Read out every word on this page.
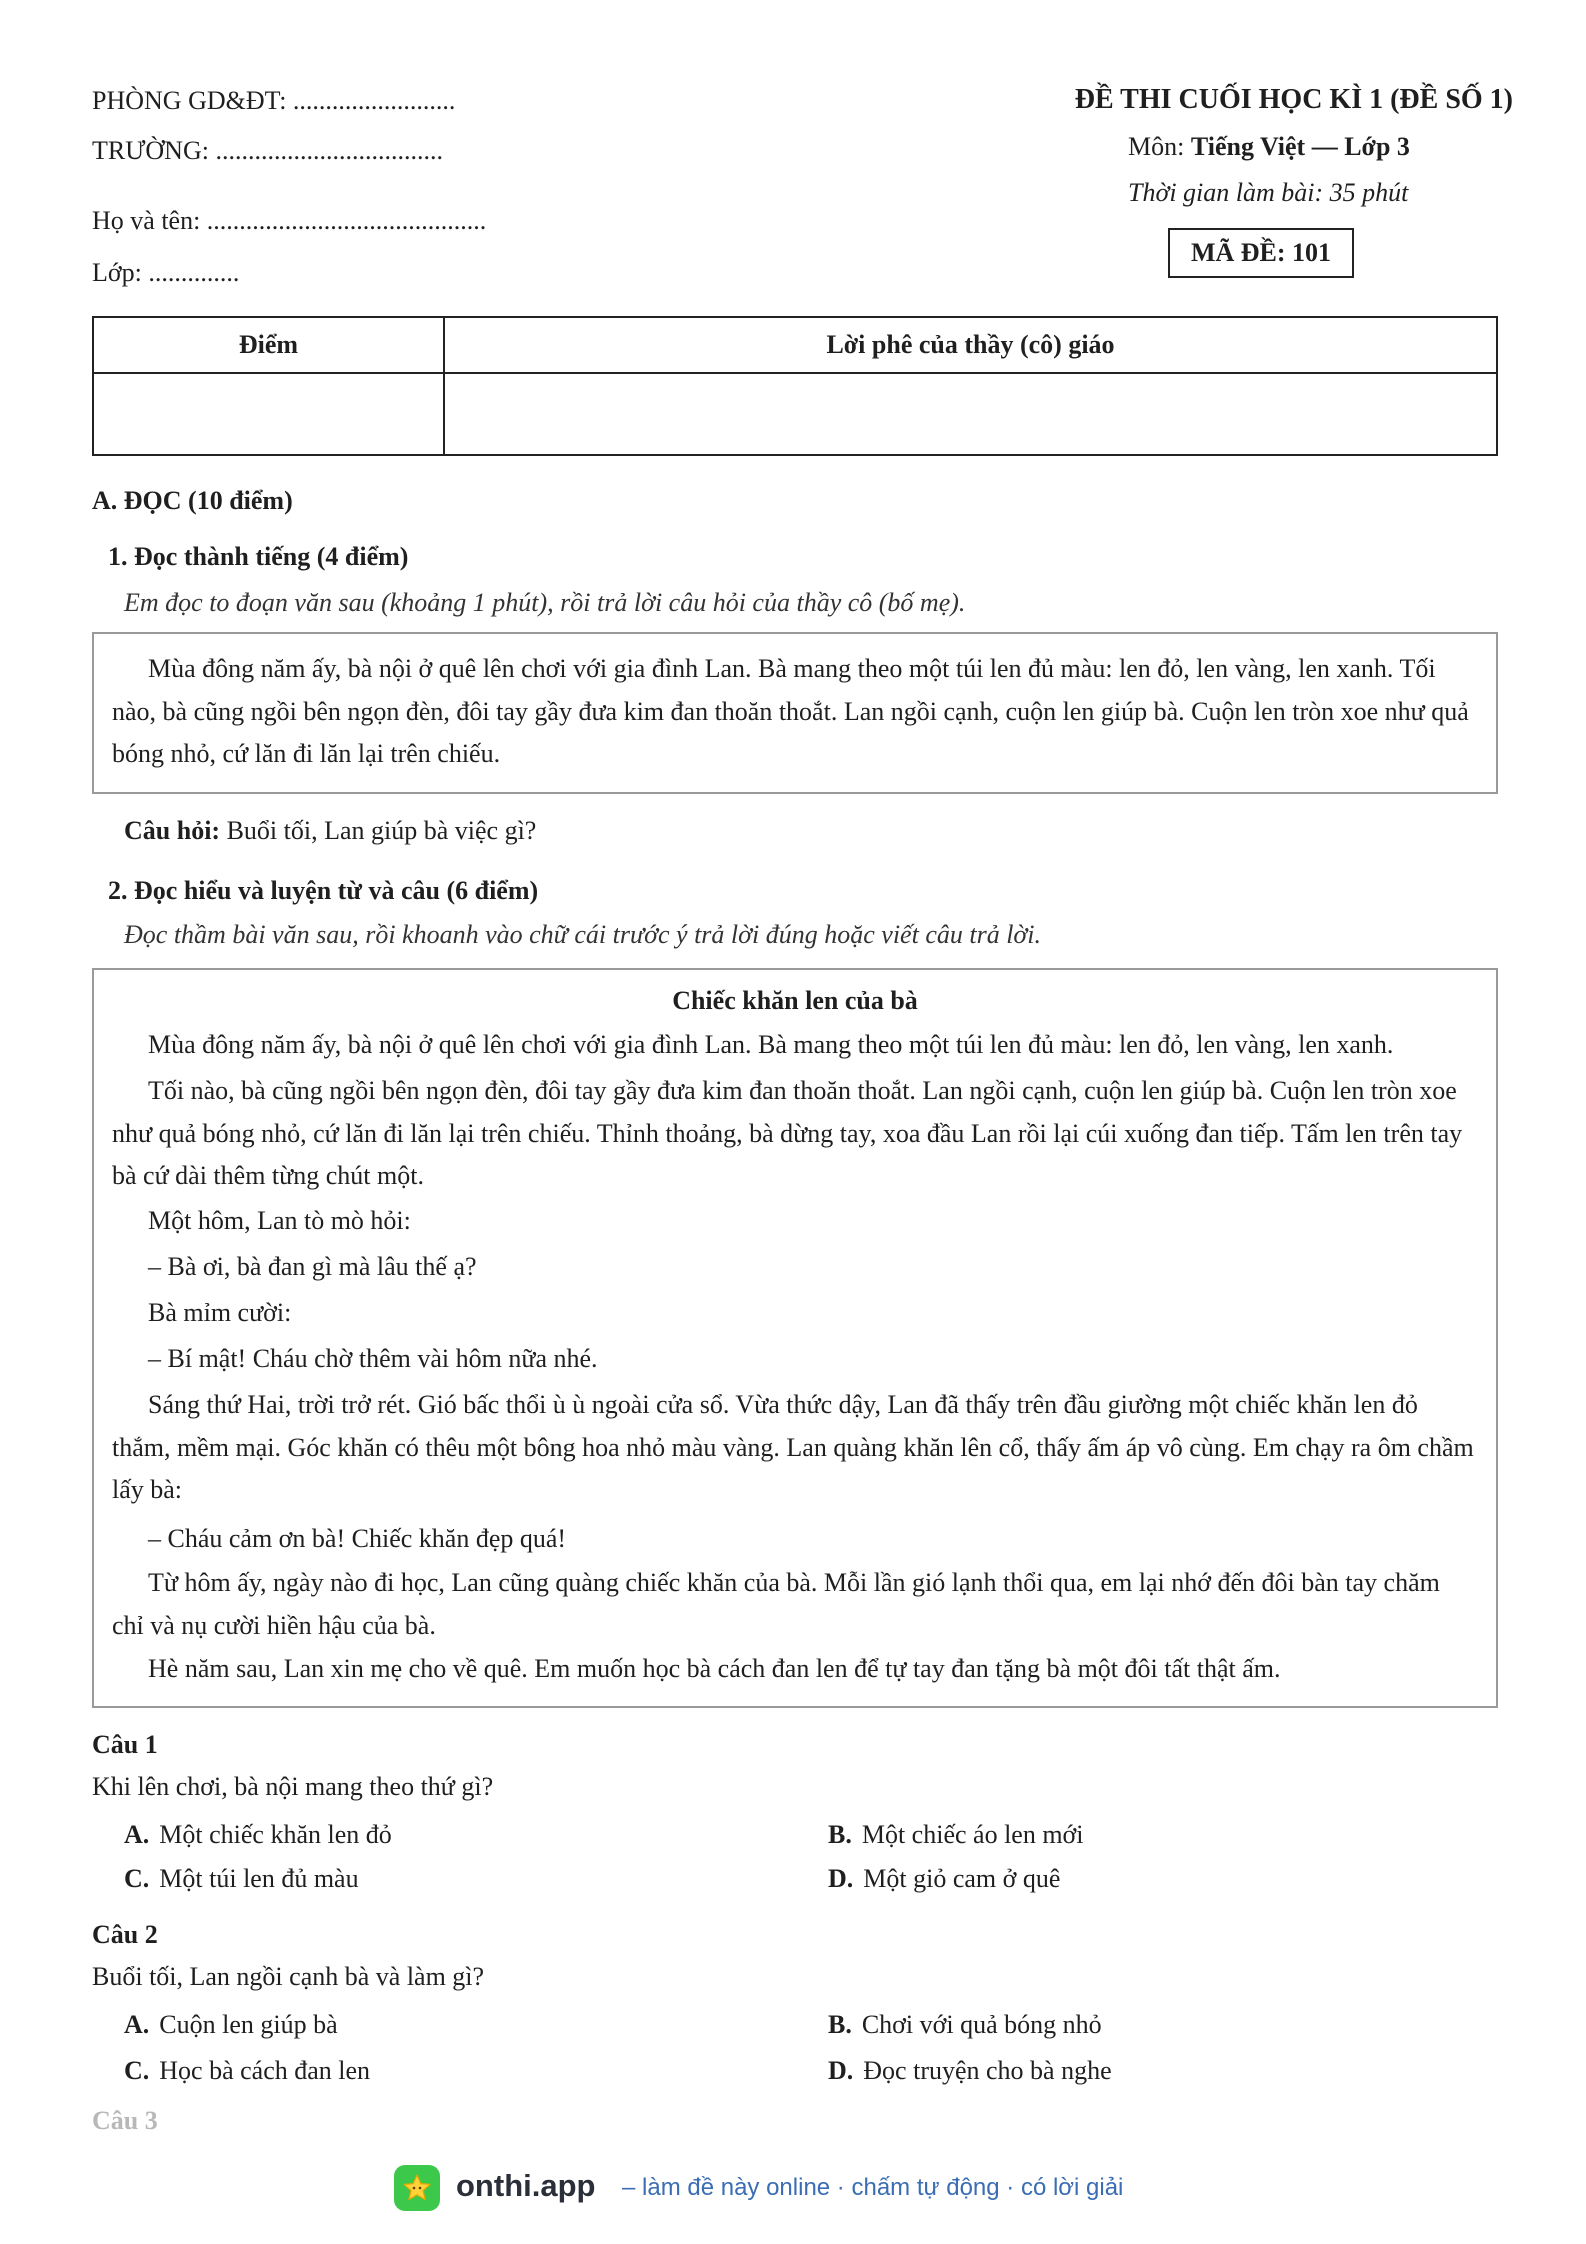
PHÒNG GD&ĐT: .........................
TRƯỜNG: ...................................
Họ và tên: ...........................................
Lớp: ..............
ĐỀ THI CUỐI HỌC KÌ 1 (ĐỀ SỐ 1)
Môn: Tiếng Việt — Lớp 3
Thời gian làm bài: 35 phút
MÃ ĐỀ: 101
Điểm	Lời phê của thầy (cô) giáo

A. ĐỌC (10 điểm)
1. Đọc thành tiếng (4 điểm)
Em đọc to đoạn văn sau (khoảng 1 phút), rồi trả lời câu hỏi của thầy cô (bố mẹ).

Mùa đông năm ấy, bà nội ở quê lên chơi với gia đình Lan. Bà mang theo một túi len đủ màu: len đỏ, len vàng, len xanh. Tối nào, bà cũng ngồi bên ngọn đèn, đôi tay gầy đưa kim đan thoăn thoắt. Lan ngồi cạnh, cuộn len giúp bà. Cuộn len tròn xoe như quả bóng nhỏ, cứ lăn đi lăn lại trên chiếu.

Câu hỏi: Buổi tối, Lan giúp bà việc gì?
2. Đọc hiểu và luyện từ và câu (6 điểm)
Đọc thầm bài văn sau, rồi khoanh vào chữ cái trước ý trả lời đúng hoặc viết câu trả lời.
Chiếc khăn len của bà

Mùa đông năm ấy, bà nội ở quê lên chơi với gia đình Lan. Bà mang theo một túi len đủ màu: len đỏ, len vàng, len xanh.

Tối nào, bà cũng ngồi bên ngọn đèn, đôi tay gầy đưa kim đan thoăn thoắt. Lan ngồi cạnh, cuộn len giúp bà. Cuộn len tròn xoe như quả bóng nhỏ, cứ lăn đi lăn lại trên chiếu. Thỉnh thoảng, bà dừng tay, xoa đầu Lan rồi lại cúi xuống đan tiếp. Tấm len trên tay bà cứ dài thêm từng chút một.

Một hôm, Lan tò mò hỏi:
– Bà ơi, bà đan gì mà lâu thế ạ?
Bà mỉm cười:
– Bí mật! Cháu chờ thêm vài hôm nữa nhé.

Sáng thứ Hai, trời trở rét. Gió bấc thổi ù ù ngoài cửa sổ. Vừa thức dậy, Lan đã thấy trên đầu giường một chiếc khăn len đỏ thắm, mềm mại. Góc khăn có thêu một bông hoa nhỏ màu vàng. Lan quàng khăn lên cổ, thấy ấm áp vô cùng. Em chạy ra ôm chầm lấy bà:

– Cháu cảm ơn bà! Chiếc khăn đẹp quá!

Từ hôm ấy, ngày nào đi học, Lan cũng quàng chiếc khăn của bà. Mỗi lần gió lạnh thổi qua, em lại nhớ đến đôi bàn tay chăm chỉ và nụ cười hiền hậu của bà.

Hè năm sau, Lan xin mẹ cho về quê. Em muốn học bà cách đan len để tự tay đan tặng bà một đôi tất thật ấm.
Câu 1
Khi lên chơi, bà nội mang theo thứ gì?
A. Một chiếc khăn len đỏ	B. Một chiếc áo len mới
C. Một túi len đủ màu	D. Một giỏ cam ở quê
Câu 2
Buổi tối, Lan ngồi cạnh bà và làm gì?
A. Cuộn len giúp bà	B. Chơi với quả bóng nhỏ
C. Học bà cách đan len	D. Đọc truyện cho bà nghe
Câu 3
onthi.app – làm đề này online · chấm tự động · có lời giải
